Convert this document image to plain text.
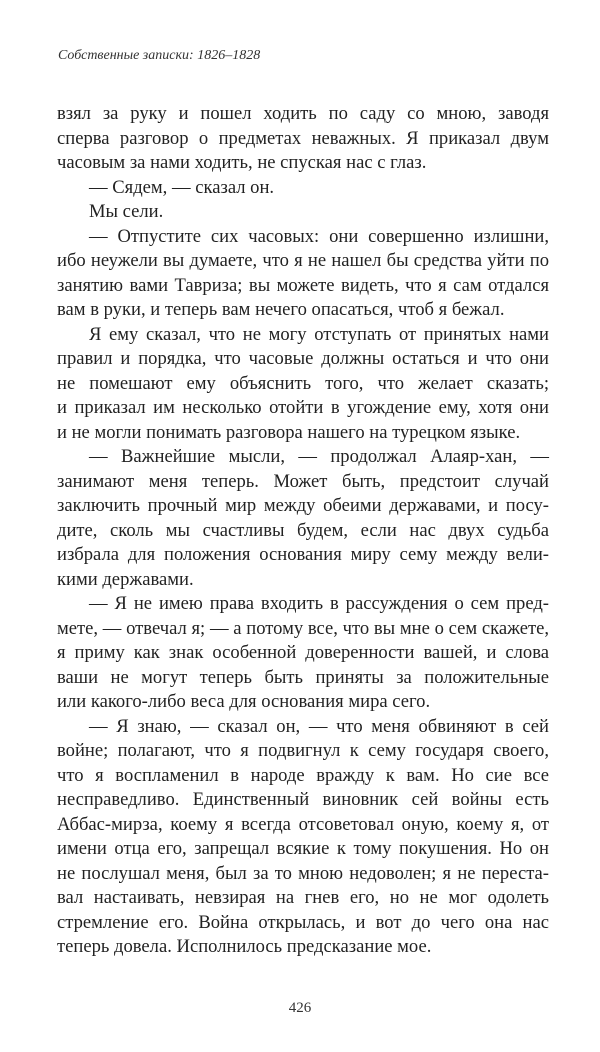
Собственные записки: 1826–1828
взял за руку и пошел ходить по саду со мною, заводя
сперва разговор о предметах неважных. Я приказал двум
часовым за нами ходить, не спуская нас с глаз.
— Сядем, — сказал он.
Мы сели.
— Отпустите сих часовых: они совершенно излишни,
ибо неужели вы думаете, что я не нашел бы средства уйти по
занятию вами Тавриза; вы можете видеть, что я сам отдался
вам в руки, и теперь вам нечего опасаться, чтоб я бежал.
Я ему сказал, что не могу отступать от принятых нами
правил и порядка, что часовые должны остаться и что они
не помешают ему объяснить того, что желает сказать;
и приказал им несколько отойти в угождение ему, хотя они
и не могли понимать разговора нашего на турецком языке.
— Важнейшие мысли, — продолжал Алаяр-хан, —
занимают меня теперь. Может быть, предстоит случай
заключить прочный мир между обеими державами, и посу-
дите, сколь мы счастливы будем, если нас двух судьба
избрала для положения основания миру сему между вели-
кими державами.
— Я не имею права входить в рассуждения о сем пред-
мете, — отвечал я; — а потому все, что вы мне о сем скажете,
я приму как знак особенной доверенности вашей, и слова
ваши не могут теперь быть приняты за положительные
или какого-либо веса для основания мира сего.
— Я знаю, — сказал он, — что меня обвиняют в сей
войне; полагают, что я подвигнул к сему государя своего,
что я воспламенил в народе вражду к вам. Но сие все
несправедливо. Единственный виновник сей войны есть
Аббас-мирза, коему я всегда отсоветовал оную, коему я, от
имени отца его, запрещал всякие к тому покушения. Но он
не послушал меня, был за то мною недоволен; я не переста-
вал настаивать, невзирая на гнев его, но не мог одолеть
стремление его. Война открылась, и вот до чего она нас
теперь довела. Исполнилось предсказание мое.
426
